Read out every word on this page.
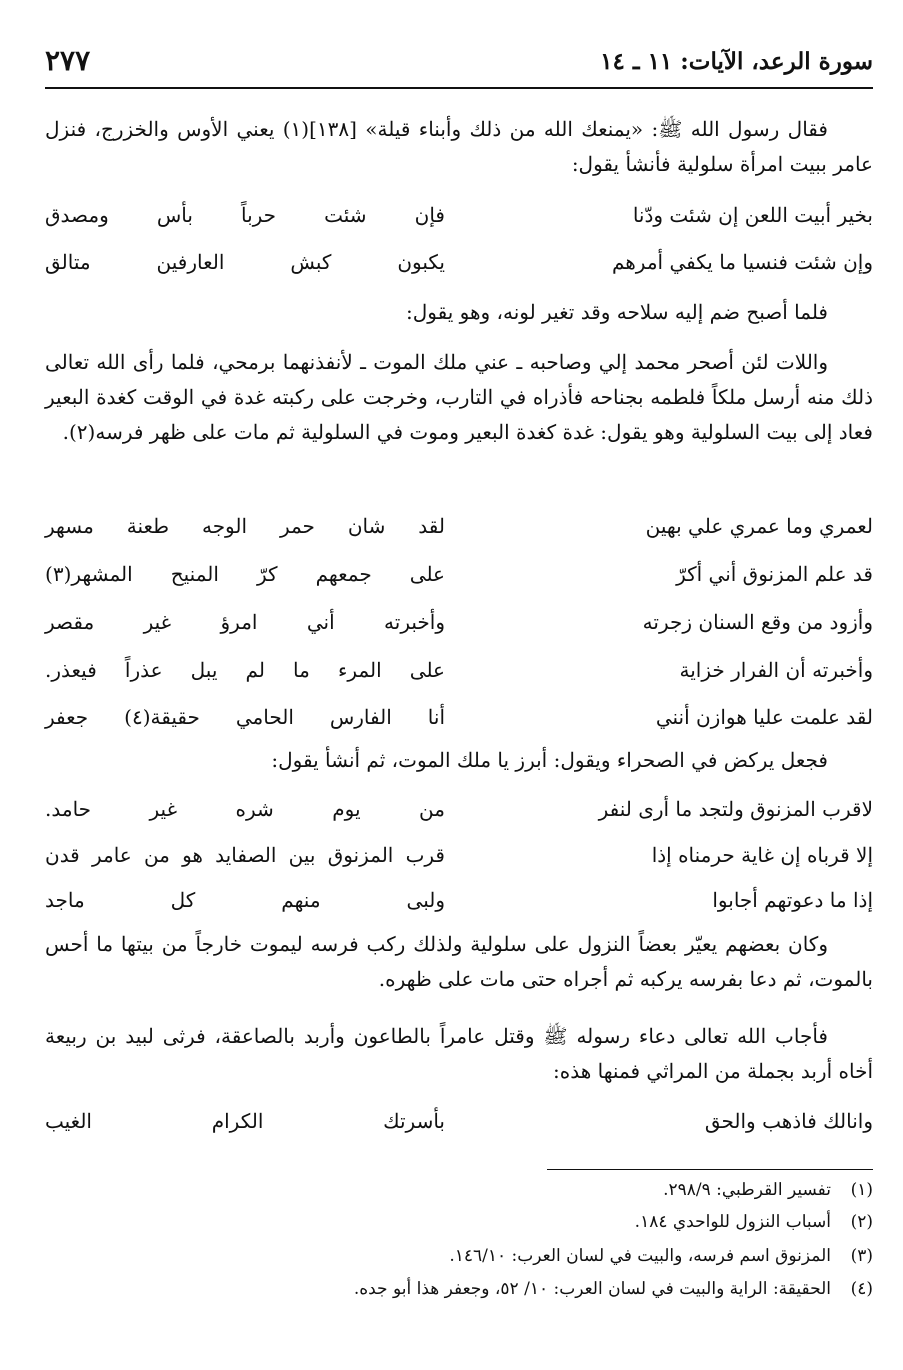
سورة الرعد، الآيات: ١١ ـ ١٤
٢٧٧
فقال رسول الله ﷺ: «يمنعك الله من ذلك وأبناء قيلة» [١٣٨](١) يعني الأوس والخزرج، فنزل عامر ببيت امرأة سلولية فأنشأ يقول:
بخير أبيت اللعن إن شئت ودّنا
فإن شئت حرباً بأس ومصدق
وإن شئت فنسيا ما يكفي أمرهم
يكبون كبش العارفين متالق
فلما أصبح ضم إليه سلاحه وقد تغير لونه، وهو يقول:
واللات لئن أصحر محمد إلي وصاحبه ـ عني ملك الموت ـ لأنفذنهما برمحي، فلما رأى الله تعالى ذلك منه أرسل ملكاً فلطمه بجناحه فأذراه في التارب، وخرجت على ركبته غدة في الوقت كغدة البعير فعاد إلى بيت السلولية وهو يقول: غدة كغدة البعير وموت في السلولية ثم مات على ظهر فرسه(٢).
لعمري وما عمري علي بهين
لقد شان حمر الوجه طعنة مسهر
قد علم المزنوق أني أكرّ
على جمعهم كرّ المنيح المشهر(٣)
وأزود من وقع السنان زجرته
وأخبرته أني امرؤ غير مقصر
وأخبرته أن الفرار خزاية
على المرء ما لم يبل عذراً فيعذر.
لقد علمت عليا هوازن أنني
أنا الفارس الحامي حقيقة(٤) جعفر
فجعل يركض في الصحراء ويقول: أبرز يا ملك الموت، ثم أنشأ يقول:
لاقرب المزنوق ولتجد ما أرى لنفر
من يوم شره غير حامد.
إلا قرباه إن غاية حرمناه إذا
قرب المزنوق بين الصفايد هو من عامر قدن
إذا ما دعوتهم أجابوا
ولبى منهم كل ماجد
وكان بعضهم يعيّر بعضاً النزول على سلولية ولذلك ركب فرسه ليموت خارجاً من بيتها ما أحس بالموت، ثم دعا بفرسه يركبه ثم أجراه حتى مات على ظهره.
فأجاب الله تعالى دعاء رسوله ﷺ وقتل عامراً بالطاعون وأربد بالصاعقة، فرثى لبيد بن ربيعة أخاه أربد بجملة من المراثي فمنها هذه:
وانالك فاذهب والحق
بأسرتك الكرام الغيب
(١)تفسير القرطبي: ٢٩٨/٩.
(٢)أسباب النزول للواحدي ١٨٤.
(٣)المزنوق اسم فرسه، والبيت في لسان العرب: ١٤٦/١٠.
(٤)الحقيقة: الراية والبيت في لسان العرب: ١٠/ ٥٢، وجعفر هذا أبو جده.
